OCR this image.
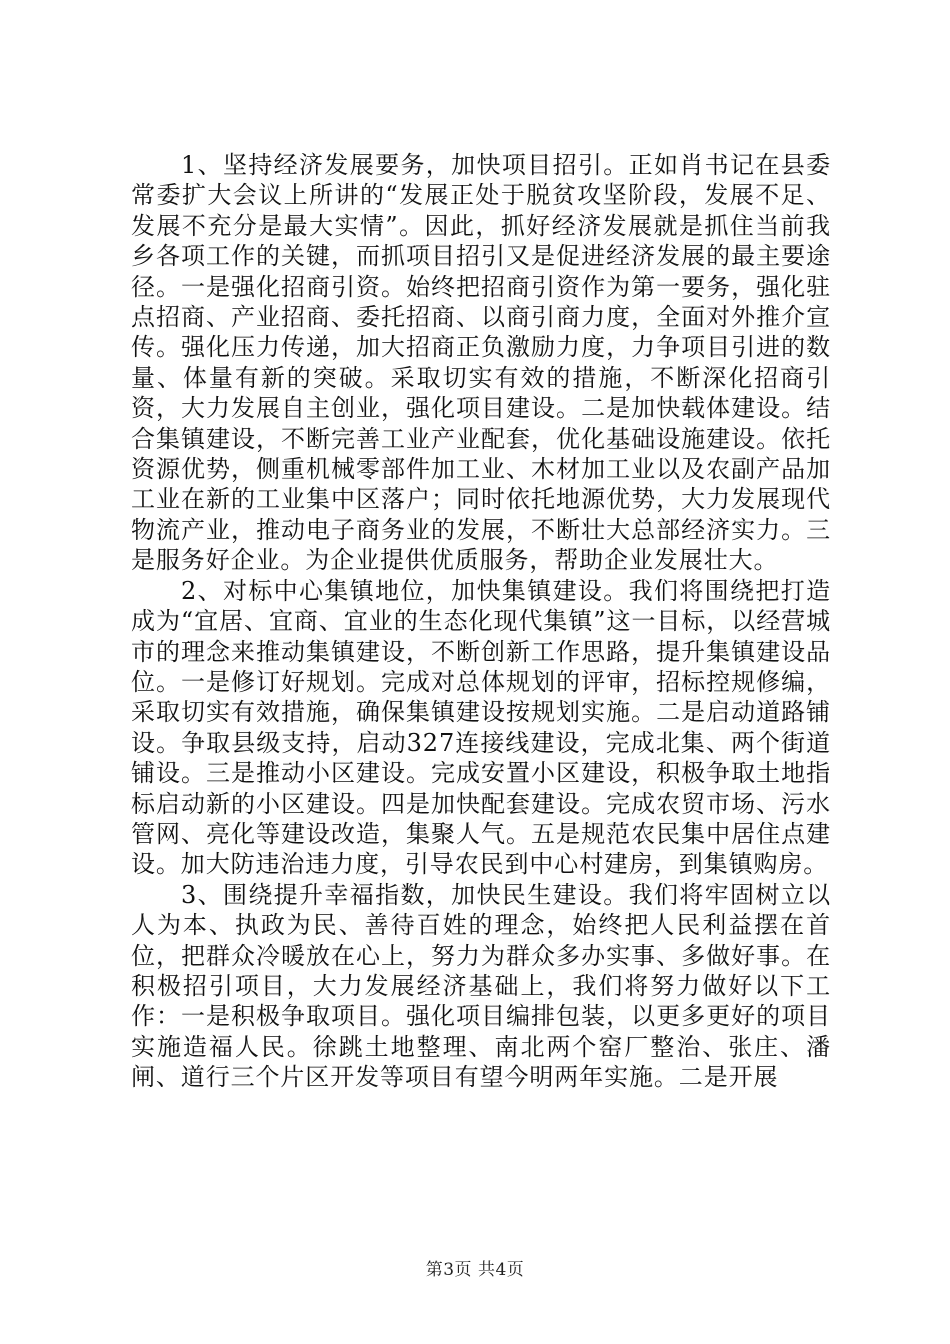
1、坚持经济发展要务，加快项目招引。正如肖书记在县委常委扩大会议上所讲的“发展正处于脱贫攻坚阶段，发展不足、发展不充分是最大实情”。因此，抓好经济发展就是抓住当前我乡各项工作的关键，而抓项目招引又是促进经济发展的最主要途径。一是强化招商引资。始终把招商引资作为第一要务，强化驻点招商、产业招商、委托招商、以商引商力度，全面对外推介宣传。强化压力传递，加大招商正负激励力度，力争项目引进的数量、体量有新的突破。采取切实有效的措施，不断深化招商引资，大力发展自主创业，强化项目建设。二是加快载体建设。结合集镇建设，不断完善工业产业配套，优化基础设施建设。依托资源优势，侧重机械零部件加工业、木材加工业以及农副产品加工业在新的工业集中区落户；同时依托地源优势，大力发展现代物流产业，推动电子商务业的发展，不断壮大总部经济实力。三是服务好企业。为企业提供优质服务，帮助企业发展壮大。

2、对标中心集镇地位，加快集镇建设。我们将围绕把打造成为“宜居、宜商、宜业的生态化现代集镇”这一目标，以经营城市的理念来推动集镇建设，不断创新工作思路，提升集镇建设品位。一是修订好规划。完成对总体规划的评审，招标控规修编，采取切实有效措施，确保集镇建设按规划实施。二是启动道路铺设。争取县级支持，启动327连接线建设，完成北集、两个街道铺设。三是推动小区建设。完成安置小区建设，积极争取土地指标启动新的小区建设。四是加快配套建设。完成农贸市场、污水管网、亮化等建设改造，集聚人气。五是规范农民集中居住点建设。加大防违治违力度，引导农民到中心村建房，到集镇购房。

3、围绕提升幸福指数，加快民生建设。我们将牢固树立以人为本、执政为民、善待百姓的理念，始终把人民利益摆在首位，把群众冷暖放在心上，努力为群众多办实事、多做好事。在积极招引项目，大力发展经济基础上，我们将努力做好以下工作：一是积极争取项目。强化项目编排包装，以更多更好的项目实施造福人民。徐跳土地整理、南北两个窑厂整治、张庄、潘闸、道行三个片区开发等项目有望今明两年实施。二是开展

第3页 共4页
